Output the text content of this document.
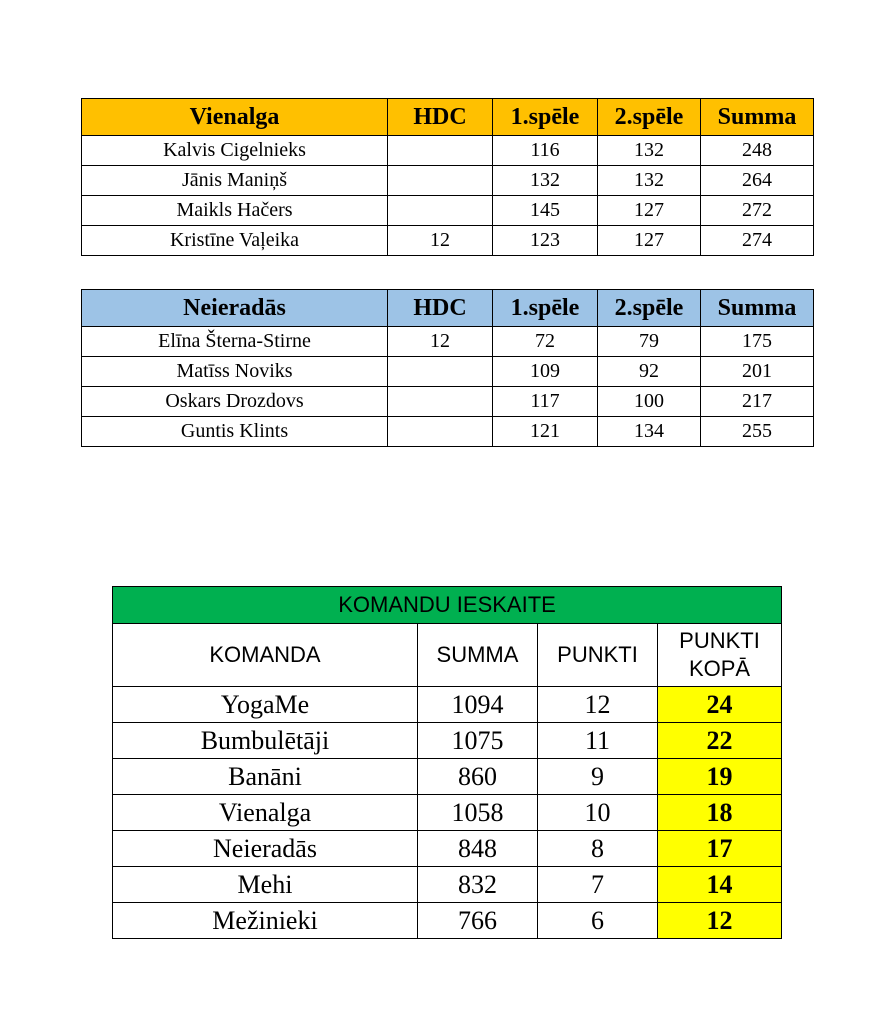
Vienalga	HDC	1.spēle	2.spēle	Summa
Kalvis Cigelnieks		116	132	248
Jānis Maniņš		132	132	264
Maikls Hačers		145	127	272
Kristīne Vaļeika	12	123	127	274
Neieradās	HDC	1.spēle	2.spēle	Summa
Elīna Šterna-Stirne	12	72	79	175
Matīss Noviks		109	92	201
Oskars Drozdovs		117	100	217
Guntis Klints		121	134	255
KOMANDU IESKAITE			
KOMANDA	SUMMA	PUNKTI	PUNKTI
KOPĀ

YogaMe	1094	12	24
Bumbulētāji	1075	11	22
Banāni	860	9	19
Vienalga	1058	10	18
Neieradās	848	8	17
Mehi	832	7	14
Mežinieki	766	6	12
